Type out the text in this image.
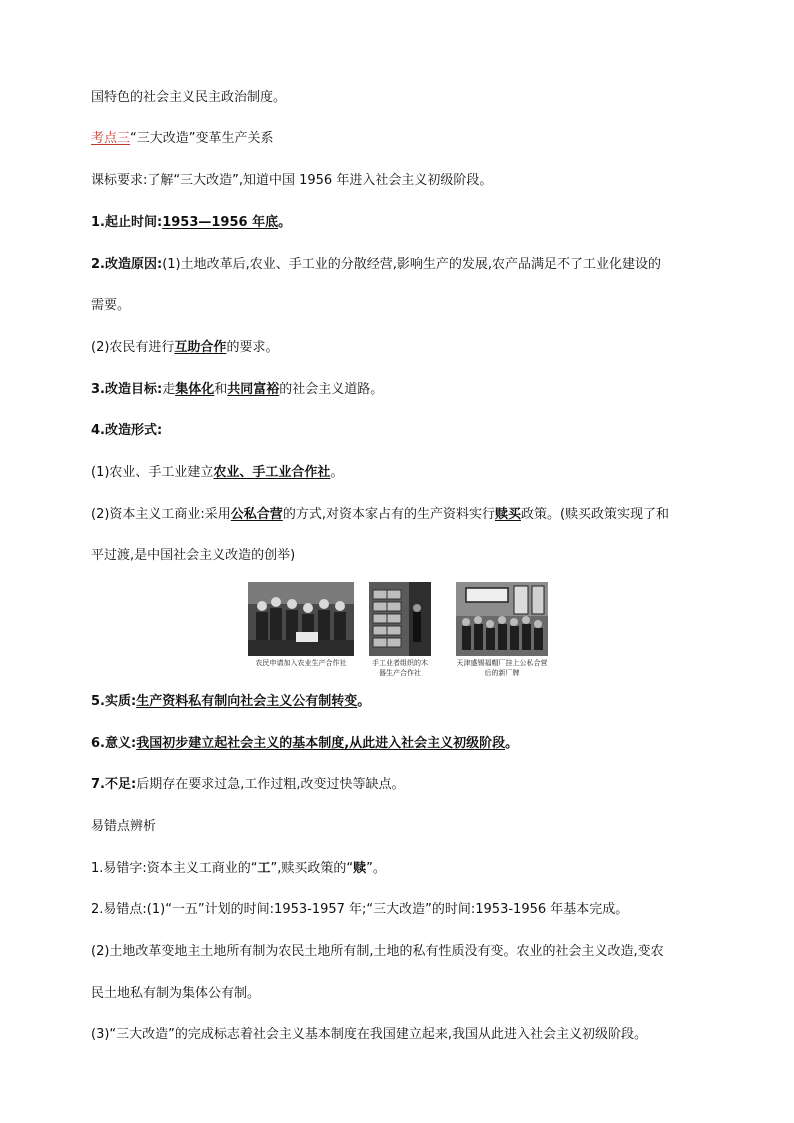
国特色的社会主义民主政治制度。
考点三“三大改造”变革生产关系
课标要求:了解“三大改造”,知道中国 1956 年进入社会主义初级阶段。
1.起止时间:1953—1956 年底。
2.改造原因:(1)土地改革后,农业、手工业的分散经营,影响生产的发展,农产品满足不了工业化建设的
需要。
(2)农民有进行互助合作的要求。
3.改造目标:走集体化和共同富裕的社会主义道路。
4.改造形式:
(1)农业、手工业建立农业、手工业合作社。
(2)资本主义工商业:采用公私合营的方式,对资本家占有的生产资料实行赎买政策。(赎买政策实现了和
平过渡,是中国社会主义改造的创举)
农民申请加入农业生产合作社	手工业者组织的木器生产合作社
天津盛锡福帽厂挂上公私合营后的新厂牌
5.实质:生产资料私有制向社会主义公有制转变。
6.意义:我国初步建立起社会主义的基本制度,从此进入社会主义初级阶段。
7.不足:后期存在要求过急,工作过粗,改变过快等缺点。
易错点辨析
1.易错字:资本主义工商业的“工”,赎买政策的“赎”。
2.易错点:(1)“一五”计划的时间:1953-1957 年;“三大改造”的时间:1953-1956 年基本完成。
(2)土地改革变地主土地所有制为农民土地所有制,土地的私有性质没有变。农业的社会主义改造,变农
民土地私有制为集体公有制。
(3)“三大改造”的完成标志着社会主义基本制度在我国建立起来,我国从此进入社会主义初级阶段。
